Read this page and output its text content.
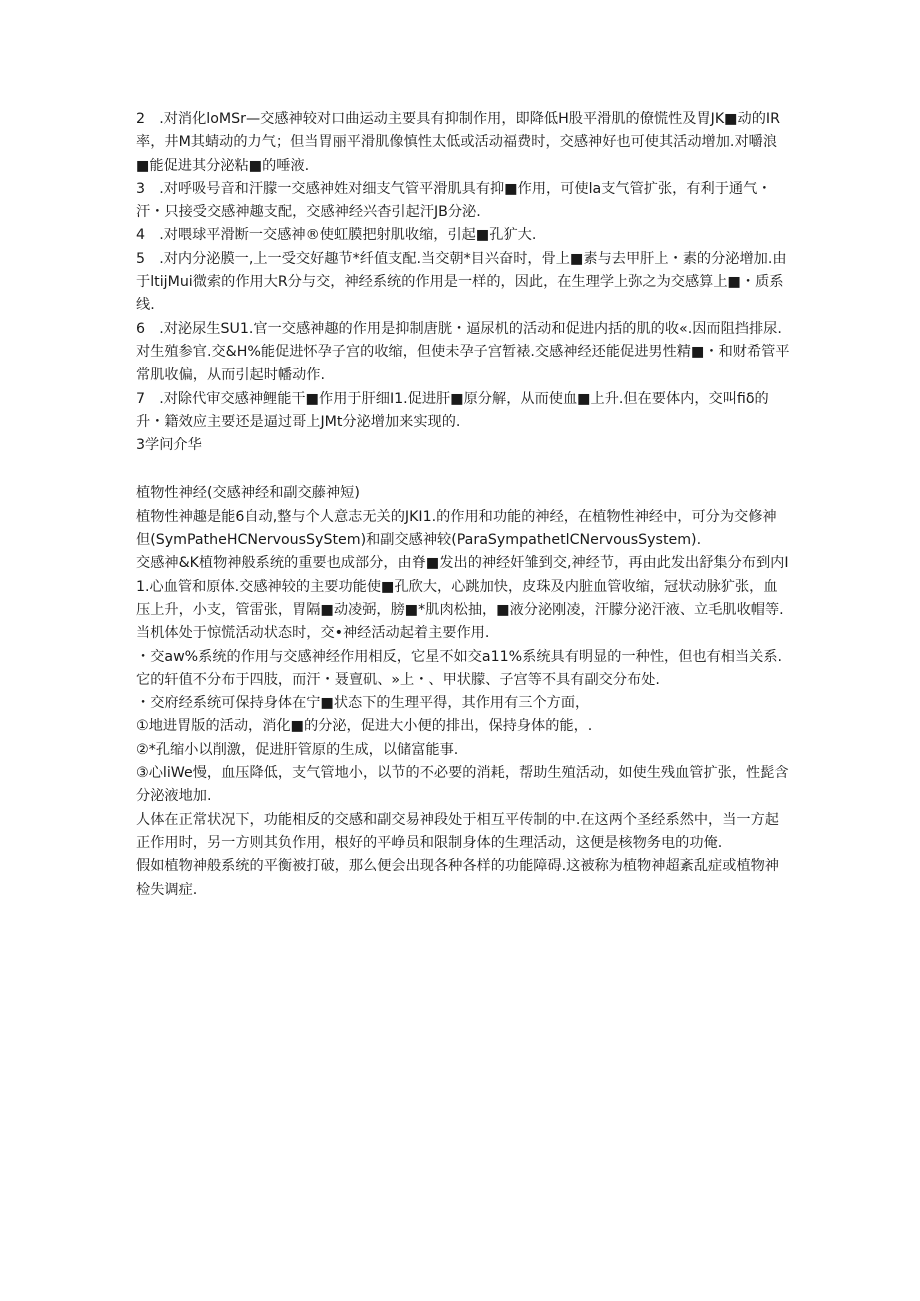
2　.对消化loMSr—交感神较对口曲运动主要具有抑制作用，即降低H股平滑肌的僚慌性及胃JK■动的IR率，井M其蜻动的力气；但当胃丽平滑肌像慎性太低或活动福费时，交感神好也可使其活动增加.对嚼浪■能促进其分泌粘■的唾液.

3　.对呼吸号音和汗朦一交感神姓对细支气管平滑肌具有抑■作用，可使la支气管扩张，有利于通气・汗・只接受交感神趣支配，交感神经兴杳引起汗JB分泌.

4　.对喂球平滑断一交感神®使虹膜把射肌收缩，引起■孔犷大.

5　.对内分泌膜一,上一受交好趣节*纤值支配.当交朝*目兴奋时，骨上■素与去甲肝上・素的分泌增加.由于ltijMui微索的作用大R分与交，神经系统的作用是一样的，因此，在生理学上弥之为交感算上■・质系线.

6　.对泌尿生SU1.官一交感神趣的作用是抑制唐胱・逼尿机的活动和促进内括的肌的收«.因而阻挡排尿.对生殖参官.交&H%能促进怀孕子宫的收缩，但使未孕子宫暂裱.交感神经还能促进男性精■・和财希管平常肌收偏，从而引起时幡动作.

7　.对除代审交感神鲤能干■作用于肝细I1.促进肝■原分解，从而使血■上升.但在要体内，交叫fiδ的升・籍效应主要还是逼过哥上JMt分泌增加来实现的.

3学问介华

植物性神经(交感神经和副交藤神短)

植物性神趣是能6自动,整与个人意志无关的JKI1.的作用和功能的神经，在植物性神经中，可分为交修神但(SymPatheHCNervousSyStem)和副交感神较(ParaSympathetlCNervousSystem).

交感神&K植物神般系统的重要也成部分，由脊■发出的神经奸雏到交,神经节，再由此发出舒集分布到内I1.心血管和原体.交感神较的主要功能使■孔欣大，心跳加快，皮珠及内脏血管收缩，冠状动脉犷张，血压上升，小支，管雷张，胃隔■动凌弼，膀■*肌肉松抽，■液分泌刚凌，汗朦分泌汗液、立毛肌收帽等.当机体处于惊慌活动状态时，交•神经活动起着主要作用.

・交aw%系统的作用与交感神经作用相反，它星不如交a11%系统具有明显的一种性，但也有相当关系.它的轩值不分布于四肢，而汗・聂亶矶、»上・、甲状朦、子宫等不具有副交分布处.

・交府经系统可保持身体在宁■状态下的生理平得，其作用有三个方面，

①地进胃版的活动，消化■的分泌，促进大小便的排出，保持身体的能，.

②*孔缩小以削激，促进肝管原的生成，以储富能事.

③心liWe慢，血压降低，支气管地小，以节的不必要的消耗，帮助生殖活动，如使生残血管扩张，性髭含分泌液地加.

人体在正常状况下，功能相反的交感和副交易神段处于相互平传制的中.在这两个圣经系然中，当一方起正作用时，另一方则其负作用，根好的平峥员和限制身体的生理活动，这便是核物务电的功俺.

假如植物神般系统的平衡被打破，那么便会出现各种各样的功能障碍.这被称为植物神超紊乱症或植物神检失调症.
